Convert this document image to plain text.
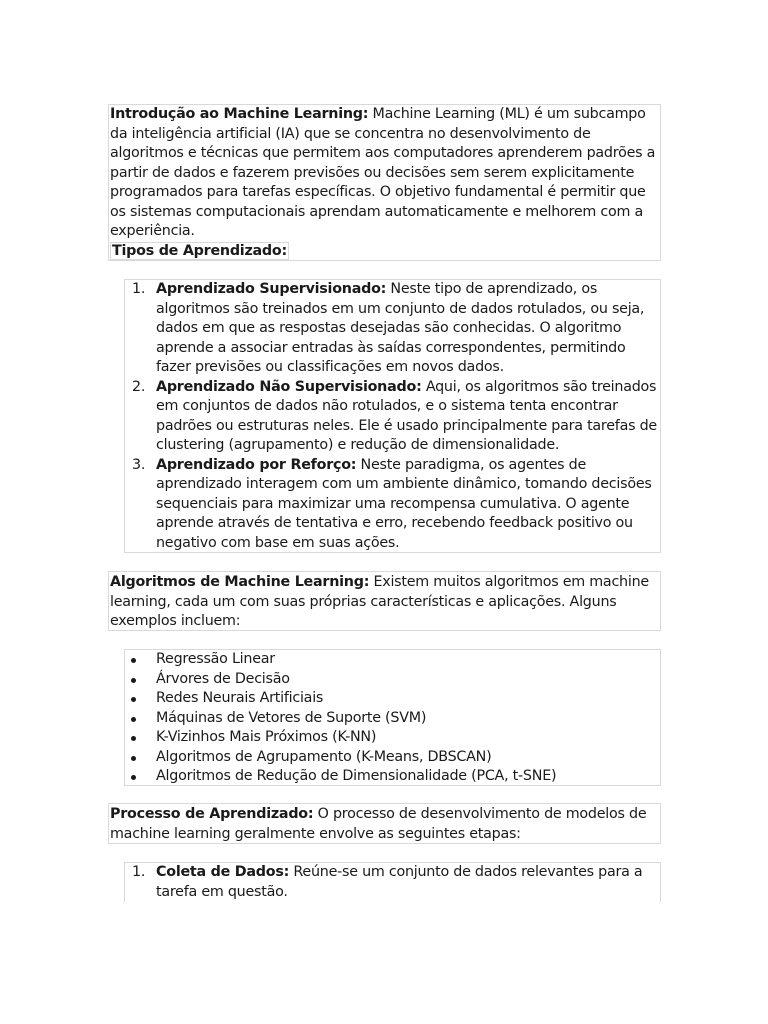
Introdução ao Machine Learning: Machine Learning (ML) é um subcampo da inteligência artificial (IA) que se concentra no desenvolvimento de algoritmos e técnicas que permitem aos computadores aprenderem padrões a partir de dados e fazerem previsões ou decisões sem serem explicitamente programados para tarefas específicas. O objetivo fundamental é permitir que os sistemas computacionais aprendam automaticamente e melhorem com a experiência.

Tipos de Aprendizado:

1. Aprendizado Supervisionado: Neste tipo de aprendizado, os algoritmos são treinados em um conjunto de dados rotulados, ou seja, dados em que as respostas desejadas são conhecidas. O algoritmo aprende a associar entradas às saídas correspondentes, permitindo fazer previsões ou classificações em novos dados.
2. Aprendizado Não Supervisionado: Aqui, os algoritmos são treinados em conjuntos de dados não rotulados, e o sistema tenta encontrar padrões ou estruturas neles. Ele é usado principalmente para tarefas de clustering (agrupamento) e redução de dimensionalidade.
3. Aprendizado por Reforço: Neste paradigma, os agentes de aprendizado interagem com um ambiente dinâmico, tomando decisões sequenciais para maximizar uma recompensa cumulativa. O agente aprende através de tentativa e erro, recebendo feedback positivo ou negativo com base em suas ações.

Algoritmos de Machine Learning: Existem muitos algoritmos em machine learning, cada um com suas próprias características e aplicações. Alguns exemplos incluem:

Regressão Linear
Árvores de Decisão
Redes Neurais Artificiais
Máquinas de Vetores de Suporte (SVM)
K-Vizinhos Mais Próximos (K-NN)
Algoritmos de Agrupamento (K-Means, DBSCAN)
Algoritmos de Redução de Dimensionalidade (PCA, t-SNE)

Processo de Aprendizado: O processo de desenvolvimento de modelos de machine learning geralmente envolve as seguintes etapas:

1. Coleta de Dados: Reúne-se um conjunto de dados relevantes para a tarefa em questão.
